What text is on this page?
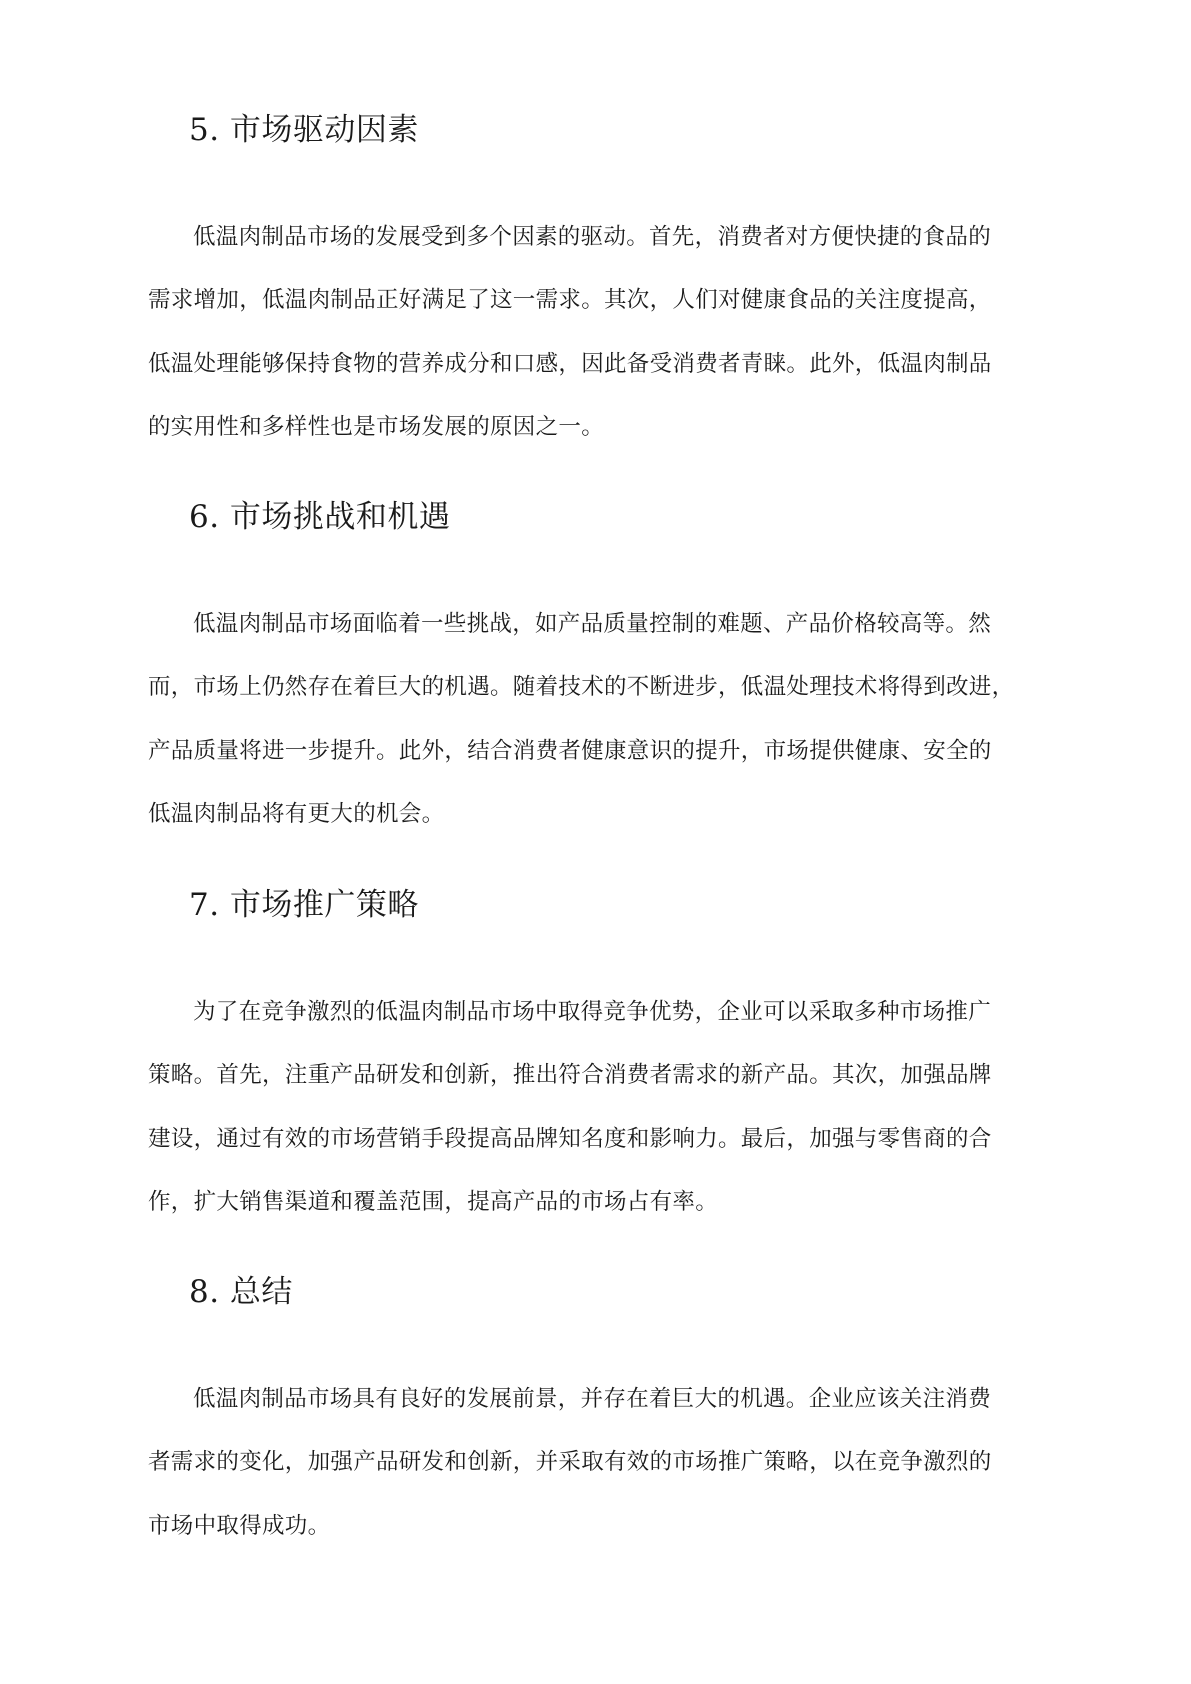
5. 市场驱动因素

低温肉制品市场的发展受到多个因素的驱动。首先，消费者对方便快捷的食品的
需求增加，低温肉制品正好满足了这一需求。其次，人们对健康食品的关注度提高，
低温处理能够保持食物的营养成分和口感，因此备受消费者青睐。此外，低温肉制品
的实用性和多样性也是市场发展的原因之一。

6. 市场挑战和机遇

低温肉制品市场面临着一些挑战，如产品质量控制的难题、产品价格较高等。然
而，市场上仍然存在着巨大的机遇。随着技术的不断进步，低温处理技术将得到改进，
产品质量将进一步提升。此外，结合消费者健康意识的提升，市场提供健康、安全的
低温肉制品将有更大的机会。

7. 市场推广策略

为了在竞争激烈的低温肉制品市场中取得竞争优势，企业可以采取多种市场推广
策略。首先，注重产品研发和创新，推出符合消费者需求的新产品。其次，加强品牌
建设，通过有效的市场营销手段提高品牌知名度和影响力。最后，加强与零售商的合
作，扩大销售渠道和覆盖范围，提高产品的市场占有率。

8. 总结

低温肉制品市场具有良好的发展前景，并存在着巨大的机遇。企业应该关注消费
者需求的变化，加强产品研发和创新，并采取有效的市场推广策略，以在竞争激烈的
市场中取得成功。
